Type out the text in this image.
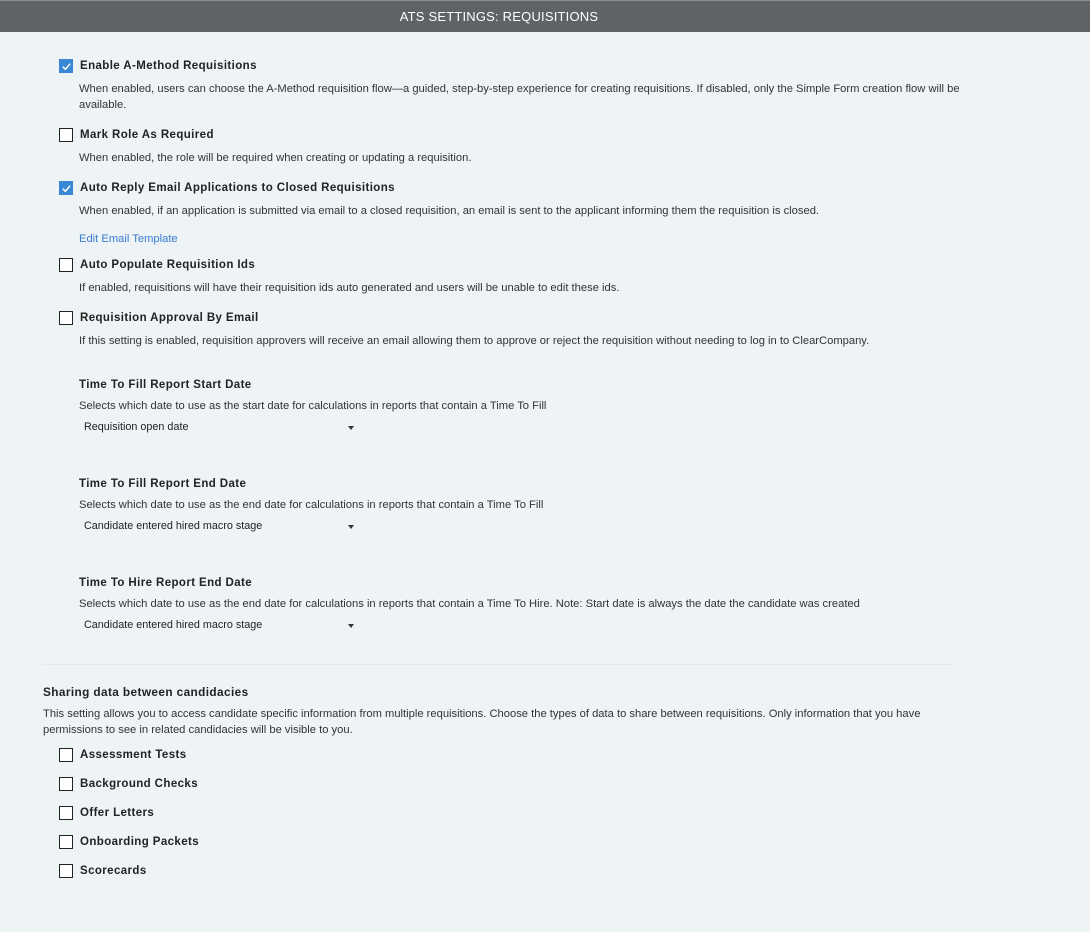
ATS SETTINGS: REQUISITIONS
Enable A-Method Requisitions
When enabled, users can choose the A-Method requisition flow—a guided, step-by-step experience for creating requisitions. If disabled, only the Simple Form creation flow will be available.
Mark Role As Required
When enabled, the role will be required when creating or updating a requisition.
Auto Reply Email Applications to Closed Requisitions
When enabled, if an application is submitted via email to a closed requisition, an email is sent to the applicant informing them the requisition is closed.
Edit Email Template
Auto Populate Requisition Ids
If enabled, requisitions will have their requisition ids auto generated and users will be unable to edit these ids.
Requisition Approval By Email
If this setting is enabled, requisition approvers will receive an email allowing them to approve or reject the requisition without needing to log in to ClearCompany.
Time To Fill Report Start Date
Selects which date to use as the start date for calculations in reports that contain a Time To Fill
Requisition open date
Time To Fill Report End Date
Selects which date to use as the end date for calculations in reports that contain a Time To Fill
Candidate entered hired macro stage
Time To Hire Report End Date
Selects which date to use as the end date for calculations in reports that contain a Time To Hire. Note: Start date is always the date the candidate was created
Candidate entered hired macro stage
Sharing data between candidacies
This setting allows you to access candidate specific information from multiple requisitions. Choose the types of data to share between requisitions. Only information that you have permissions to see in related candidacies will be visible to you.
Assessment Tests
Background Checks
Offer Letters
Onboarding Packets
Scorecards
